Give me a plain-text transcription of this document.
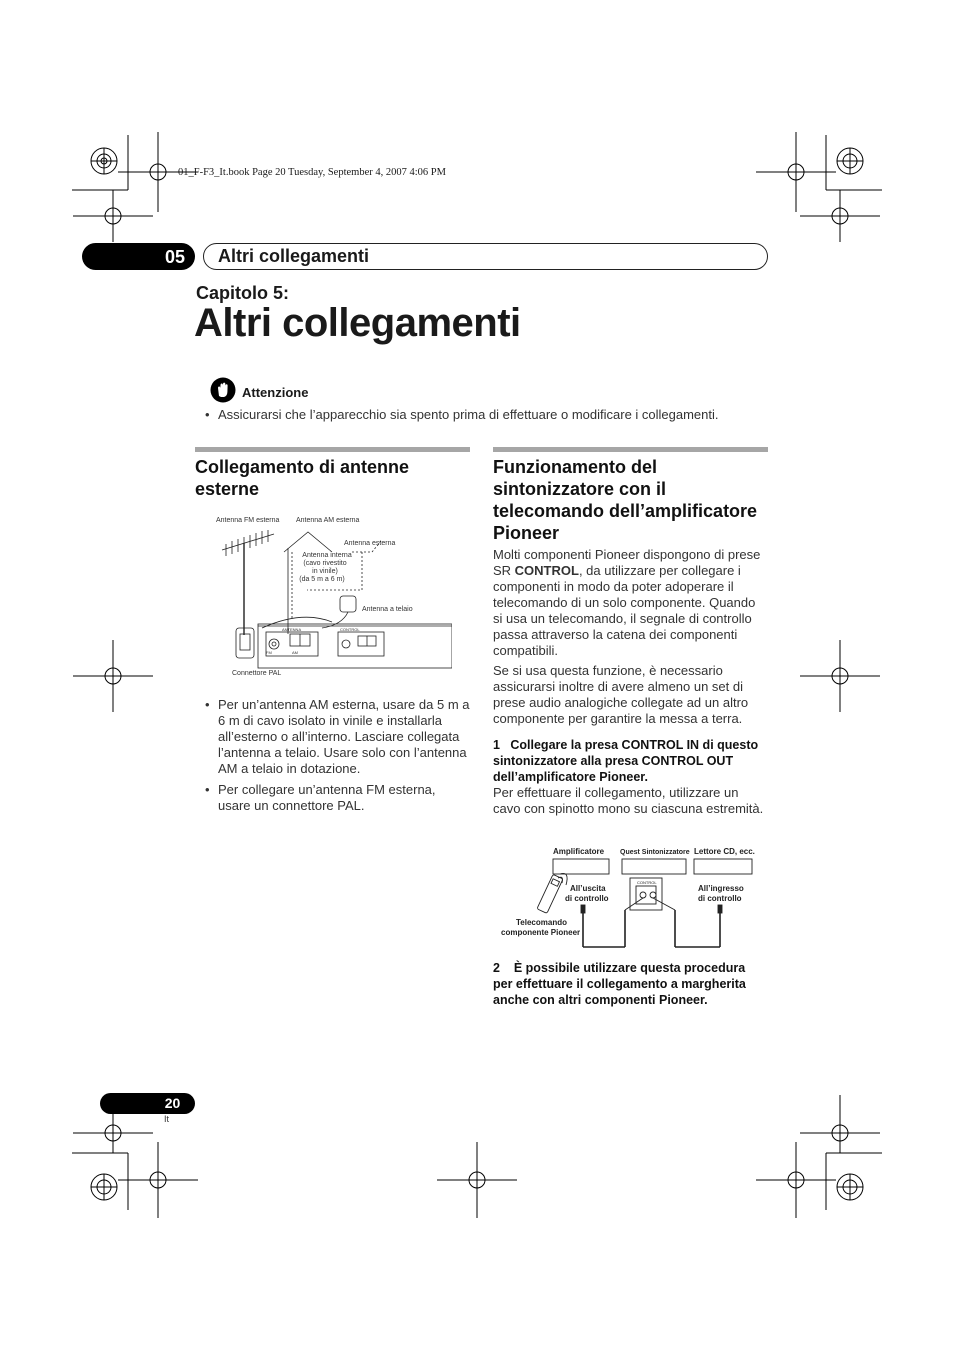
01_F-F3_It.book Page 20 Tuesday, September 4, 2007 4:06 PM
05	Altri collegamenti
Capitolo 5:
Altri collegamenti
Attenzione
• Assicurarsi che l’apparecchio sia spento prima di effettuare o modificare i collegamenti.
Collegamento di antenne
esterne
Antenna FM esterna Antenna AM esterna
Antenna esterna
Antenna interna
(cavo rivestito
in vinile)
(da 5 m a 6 m)
Antenna a telaio
Connettore PAL
ANTENNA
FM	AM
CONTROL
• Per un’antenna AM esterna, usare da 5 m a 6 m di cavo isolato in vinile e installarla all’esterno o all’interno. Lasciare collegata l’antenna a telaio. Usare solo con l’antenna AM a telaio in dotazione.
• Per collegare un’antenna FM esterna, usare un connettore PAL.
Funzionamento del
sintonizzatore con il
telecomando dell’amplificatore
Pioneer
Molti componenti Pioneer dispongono di prese SR CONTROL, da utilizzare per collegare i componenti in modo da poter adoperare il telecomando di un solo componente. Quando si usa un telecomando, il segnale di controllo passa attraverso la catena dei componenti compatibili.
Se si usa questa funzione, è necessario assicurarsi inoltre di avere almeno un set di prese audio analogiche collegate ad un altro componente per garantire la messa a terra.
1 Collegare la presa CONTROL IN di questo sintonizzatore alla presa CONTROL OUT dell’amplificatore Pioneer.
Per effettuare il collegamento, utilizzare un cavo con spinotto mono su ciascuna estremità.
Amplificatore Quest Sintonizzatore Lettore CD, ecc.
All’uscita
di controllo
All’ingresso
di controllo
Telecomando
componente Pioneer
CONTROL
2 È possibile utilizzare questa procedura per effettuare il collegamento a margherita anche con altri componenti Pioneer.
20
It
